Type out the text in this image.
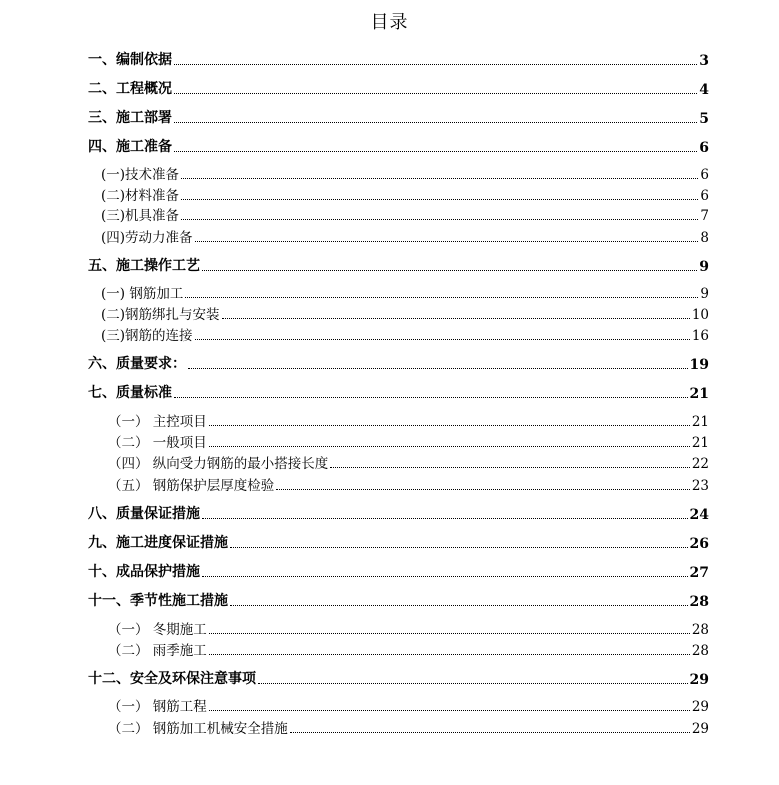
目录
一、编制依据	3
二、工程概况	4
三、施工部署	5
四、施工准备	6
(一)技术准备	6
(二)材料准备	6
(三)机具准备	7
(四)劳动力准备	8
五、施工操作工艺	9
(一) 钢筋加工	9
(二)钢筋绑扎与安装	10
(三)钢筋的连接	16
六、质量要求：	19
七、质量标准	21
（一） 主控项目	21
（二） 一般项目	21
（四） 纵向受力钢筋的最小搭接长度	22
（五） 钢筋保护层厚度检验	23
八、质量保证措施	24
九、施工进度保证措施	26
十、成品保护措施	27
十一、季节性施工措施	28
（一） 冬期施工	28
（二） 雨季施工	28
十二、安全及环保注意事项	29
（一） 钢筋工程	29
（二） 钢筋加工机械安全措施	29
